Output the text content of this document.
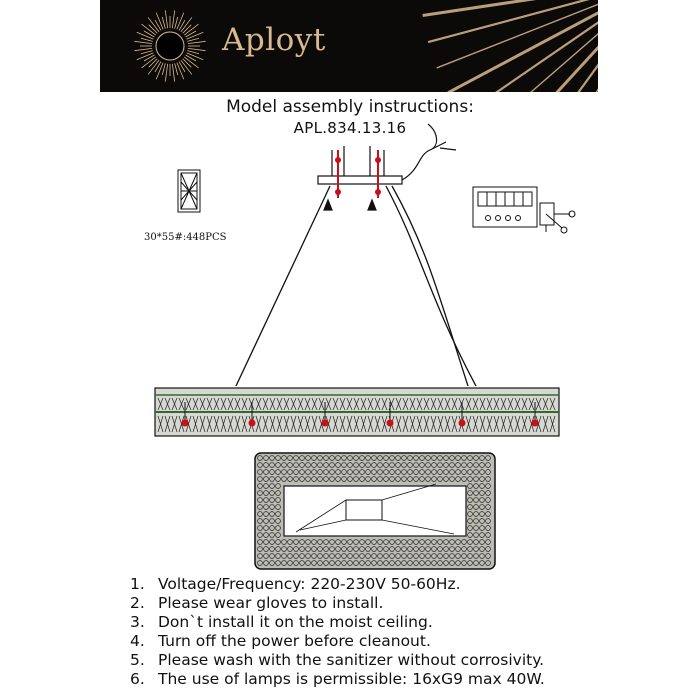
Aployt
Model assembly instructions:
APL.834.13.16
30*55#:448PCS
1. Voltage/Frequency: 220-230V 50-60Hz.
2. Please wear gloves to install.
3. Don`t install it on the moist ceiling.
4. Turn off the power before cleanout.
5. Please wash with the sanitizer without corrosivity.
6. The use of lamps is permissible: 16xG9 max 40W.
